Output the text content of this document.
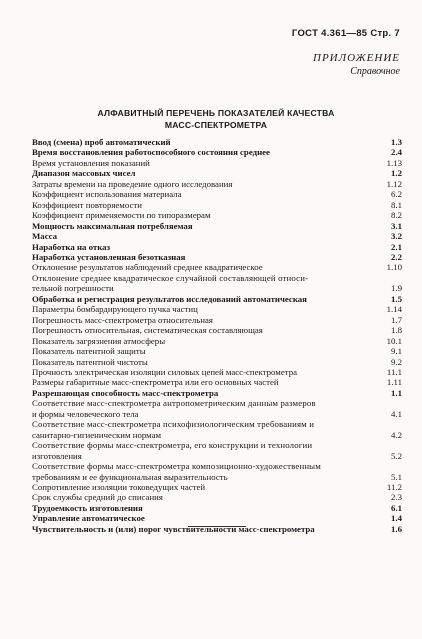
ГОСТ 4.361—85 Стр. 7
ПРИЛОЖЕНИЕ
Справочное
АЛФАВИТНЫЙ ПЕРЕЧЕНЬ ПОКАЗАТЕЛЕЙ КАЧЕСТВА
МАСС-СПЕКТРОМЕТРА
Ввод (смена) проб автоматический	1.3
Время восстановления работоспособного состояния среднее	2.4
Время установления показаний	1.13
Диапазон массовых чисел	1.2
Затраты времени на проведение одного исследования	1.12
Коэффициент использования материала	6.2
Коэффициент повторяемости	8.1
Коэффициент применяемости по типоразмерам	8.2
Мощность максимальная потребляемая	3.1
Масса	3.2
Наработка на отказ	2.1
Наработка установленная безотказная	2.2
Отклонение результатов наблюдений среднее квадратическое	1.10
Отклонение среднее квадратическое случайной составляющей относи-
тельной погрешности	1.9
Обработка и регистрация результатов исследований автоматическая	1.5
Параметры бомбардирующего пучка частиц	1.14
Погрешность масс-спектрометра относительная	1.7
Погрешность относительная, систематическая составляющая	1.8
Показатель загрязнения атмосферы	10.1
Показатель патентной защиты	9.1
Показатель патентной чистоты	9.2
Прочность электрическая изоляции силовых цепей масс-спектрометра	11.1
Размеры габаритные масс-спектрометра или его основных частей	1.11
Разрешающая способность масс-спектрометра	1.1
Соответствие масс-спектрометра антропометрическим данным размеров
и формы человеческого тела	4.1
Соответствие масс-спектрометра психофизиологическим требованиям и
санитарно-гигиеническим нормам	4.2
Соответствие формы масс-спектрометра, его конструкции и технологии
изготовления	5.2
Соответствие формы масс-спектрометра композиционно-художественным
требованиям и ее функциональная выразительность	5.1
Сопротивление изоляции токоведущих частей	11.2
Срок службы средний до списания	2.3
Трудоемкость изготовления	6.1
Управление автоматическое	1.4
Чувствительность и (или) порог чувствительности масс-спектрометра	1.6
